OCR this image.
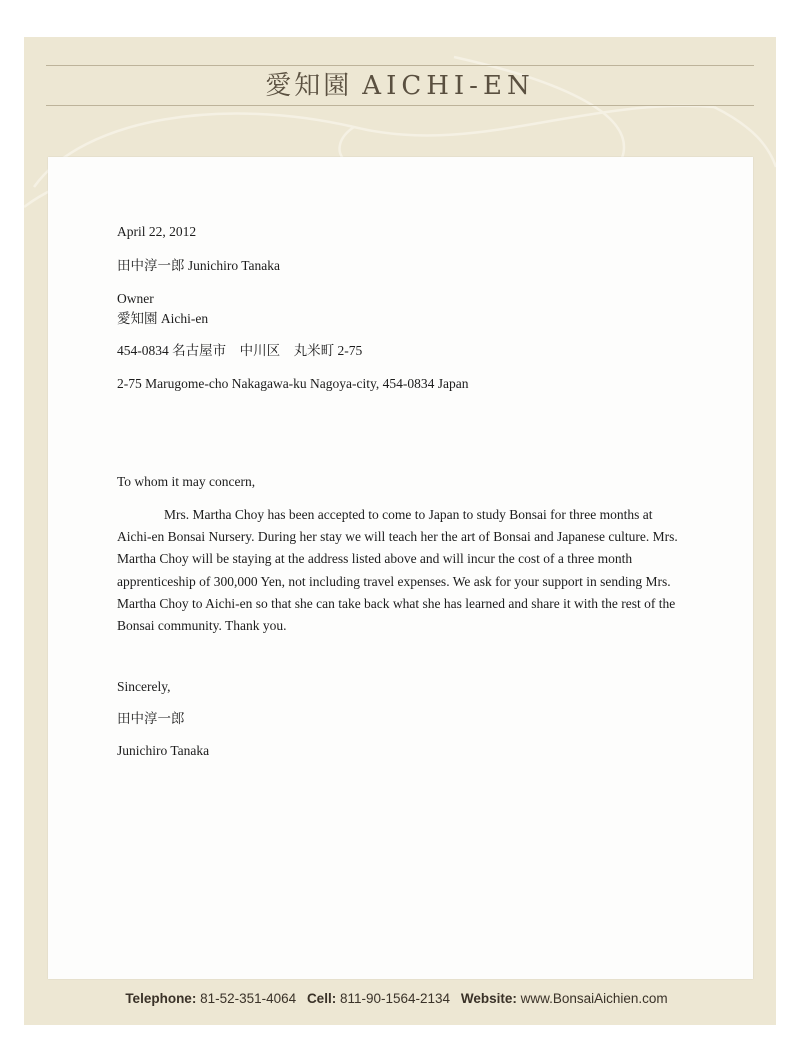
愛知園 AICHI-EN
Telephone: 81-52-351-4064 Cell: 811-90-1564-2134 Website: www.BonsaiAichien.com

April 22, 2012

田中淳一郎 Junichiro Tanaka

Owner

愛知園 Aichi-en

454-0834 名古屋市　中川区　丸米町 2-75

2-75 Marugome-cho Nakagawa-ku Nagoya-city, 454-0834 Japan

To whom it may concern,

Mrs. Martha Choy has been accepted to come to Japan to study Bonsai for three months at Aichi-en Bonsai Nursery. During her stay we will teach her the art of Bonsai and Japanese culture. Mrs. Martha Choy will be staying at the address listed above and will incur the cost of a three month apprenticeship of 300,000 Yen, not including travel expenses. We ask for your support in sending Mrs. Martha Choy to Aichi-en so that she can take back what she has learned and share it with the rest of the Bonsai community. Thank you.

Sincerely,

田中淳一郎

Junichiro Tanaka
